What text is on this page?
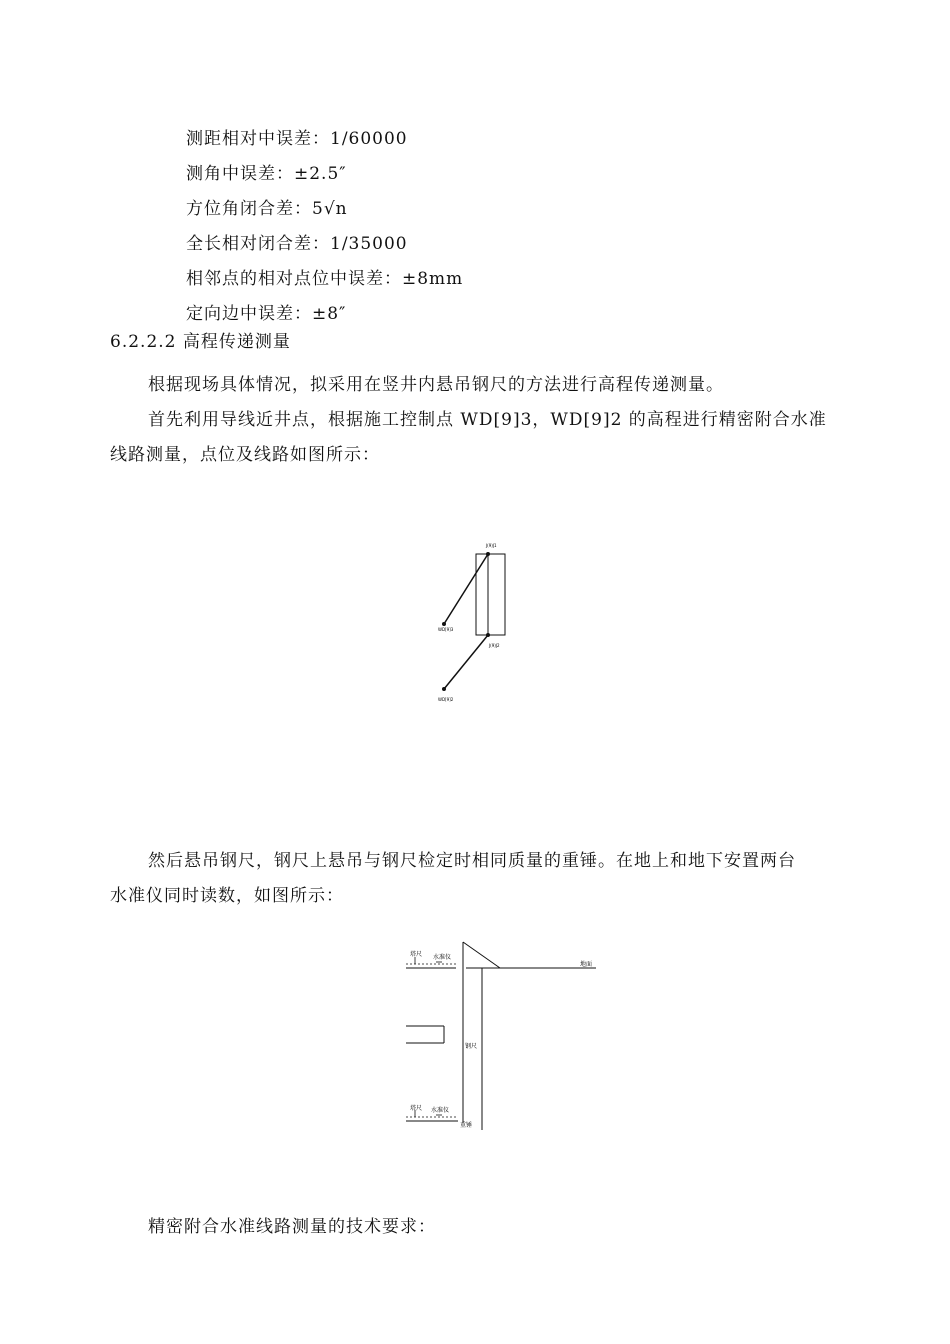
测距相对中误差：1/60000
测角中误差：±2.5″
方位角闭合差：5√n
全长相对闭合差：1/35000
相邻点的相对点位中误差：±8mm
定向边中误差：±8″
6.2.2.2 高程传递测量
根据现场具体情况，拟采用在竖井内悬吊钢尺的方法进行高程传递测量。
首先利用导线近井点，根据施工控制点 WD[9]3，WD[9]2 的高程进行精密附合水准
线路测量，点位及线路如图所示：
J(9)J1
WD[9]3
J(9)J2
WD[9]2
然后悬吊钢尺，钢尺上悬吊与钢尺检定时相同质量的重锤。在地上和地下安置两台
水准仪同时读数，如图所示：
塔尺 水准仪
地面
钢尺
塔尺 水准仪
重锤
精密附合水准线路测量的技术要求：
